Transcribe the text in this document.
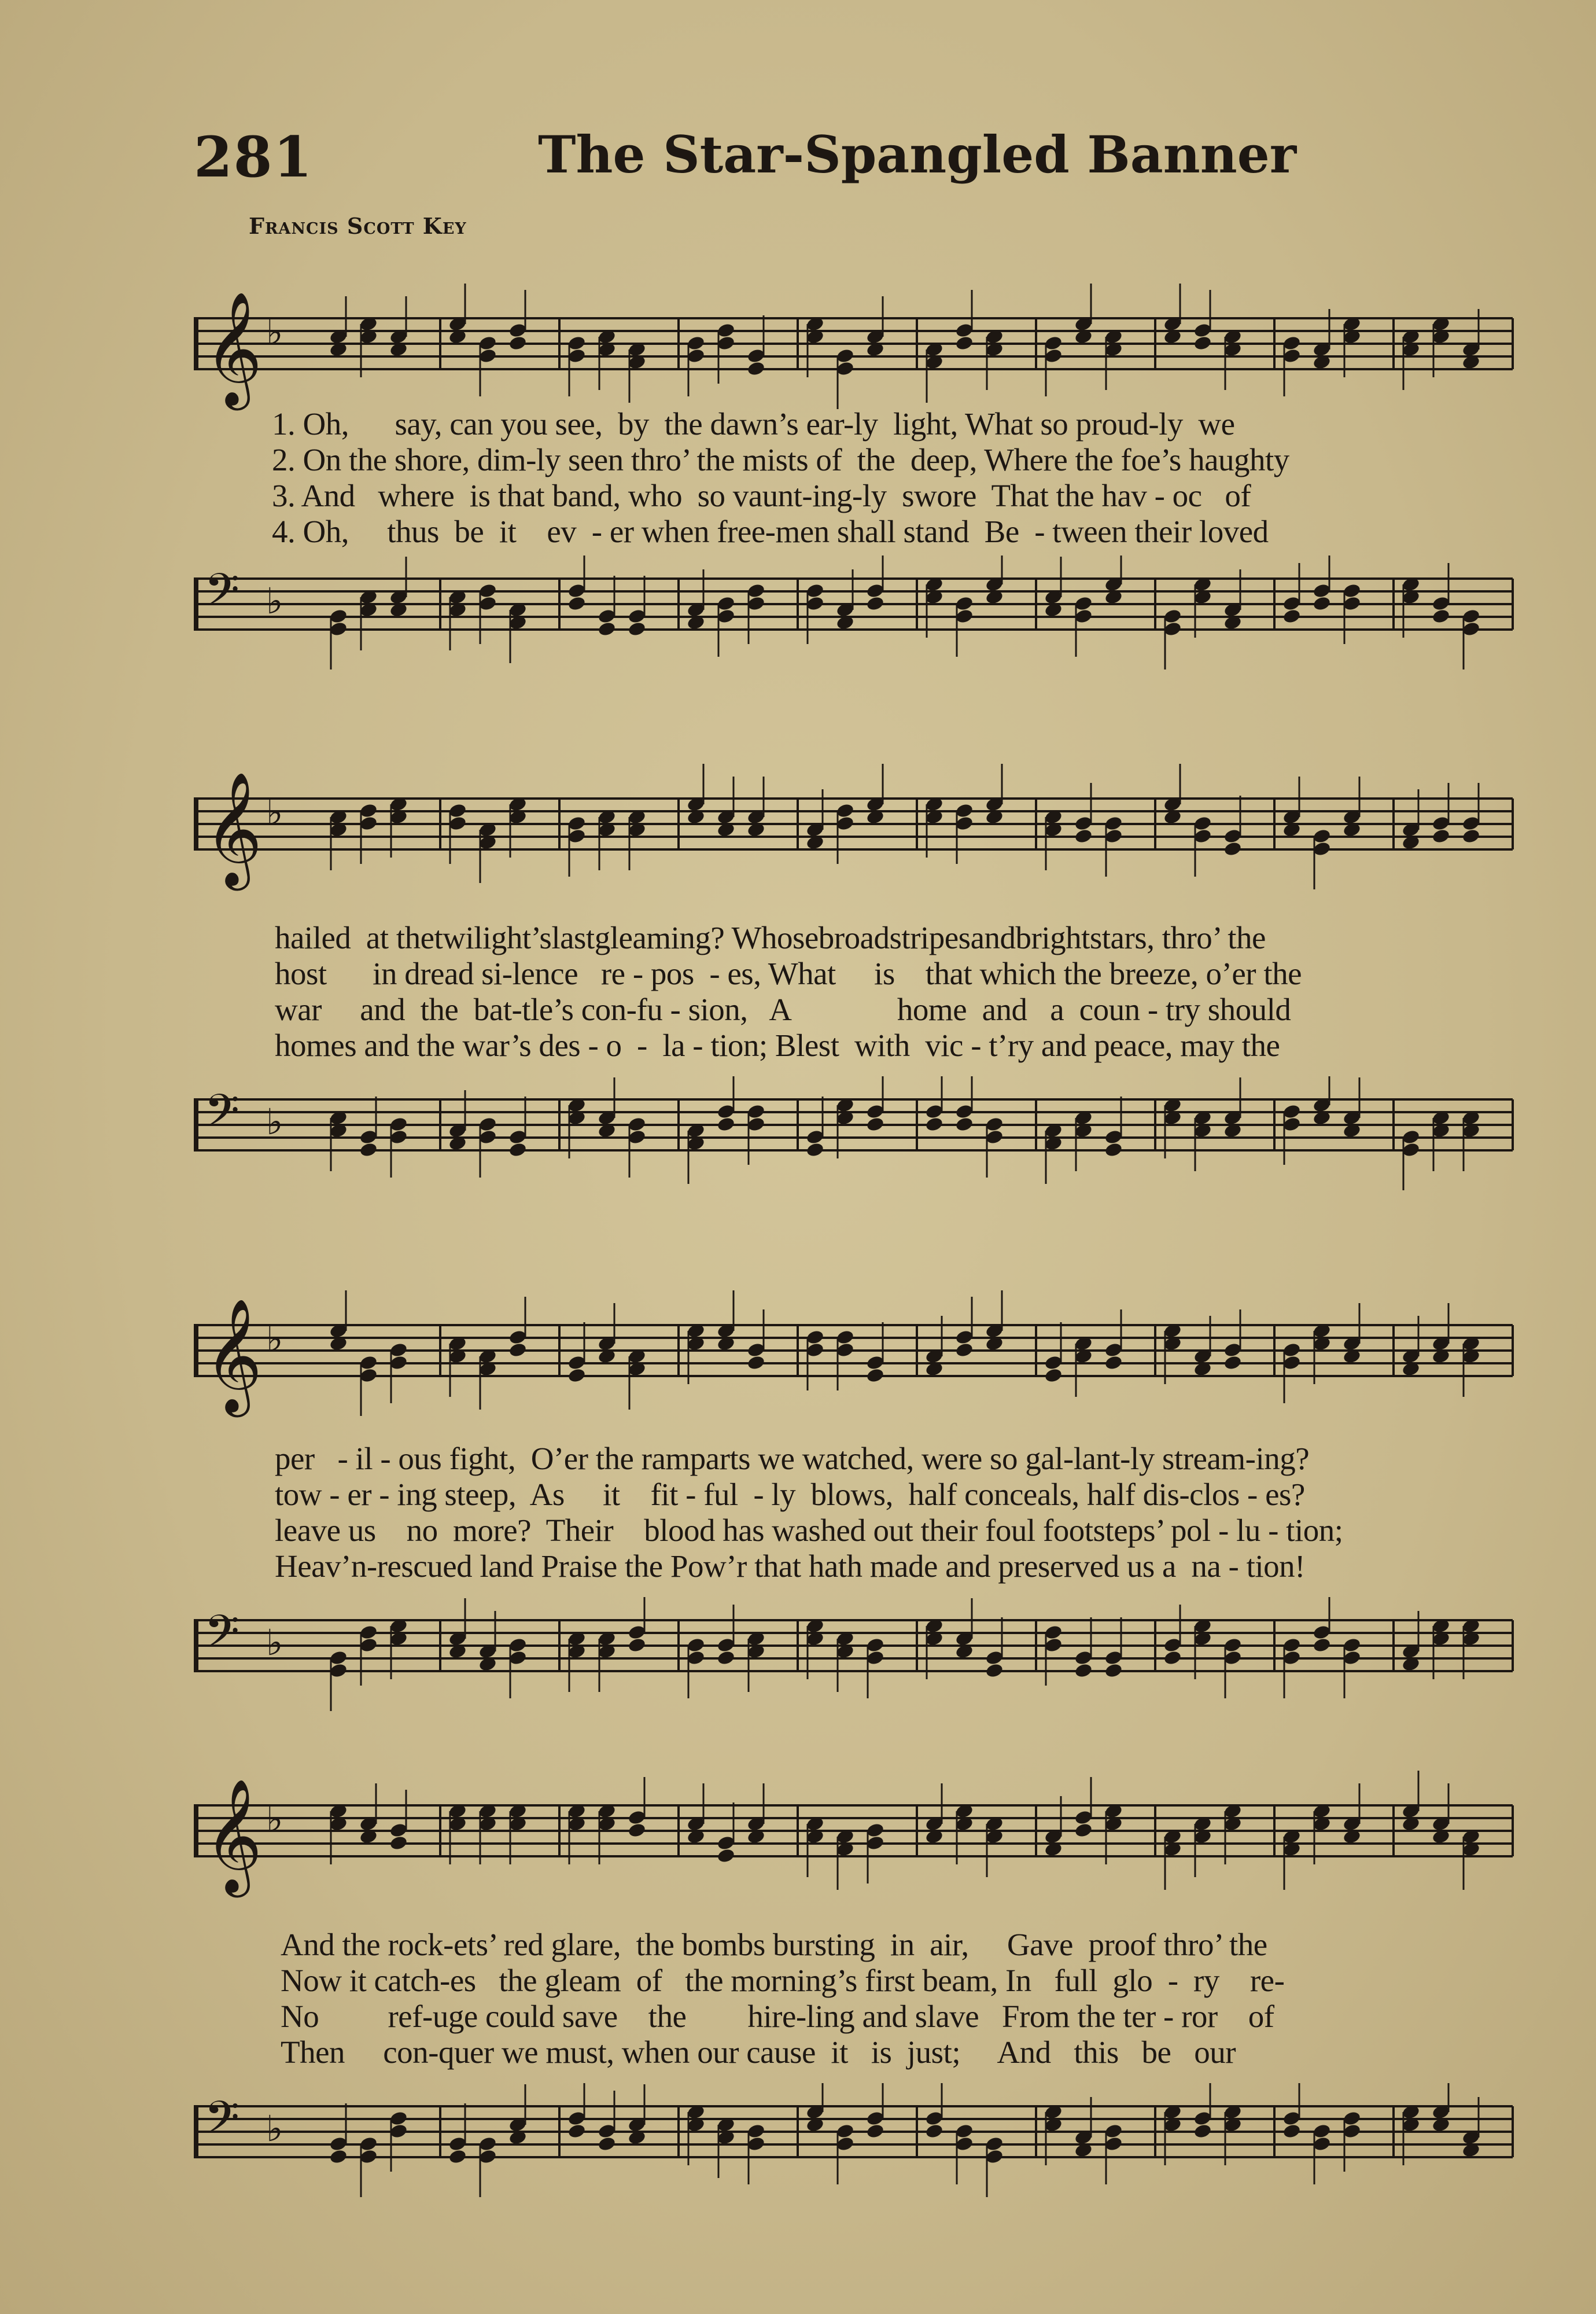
281	The Star-Spangled Banner
Francis Scott Key
𝄞 ♭
1. Oh,      say, can you see,  by  the dawn’s ear-ly  light, What so proud-ly  we
2. On the shore, dim-ly seen thro’ the mists of  the  deep, Where the foe’s haughty
3. And   where  is that band, who  so vaunt-ing-ly  swore  That the hav - oc   of
4. Oh,     thus  be  it    ev  - er when free-men shall stand  Be  - tween their loved
𝄢 ♭
𝄞 ♭
hailed  at thetwilight’slastgleaming? Whosebroadstripesandbrightstars, thro’ the
host      in dread si-lence   re - pos  - es, What     is    that which the breeze, o’er the
war     and  the  bat-tle’s con-fu - sion,   A              home  and   a  coun - try should
homes and the war’s des - o  -  la - tion; Blest  with  vic - t’ry and peace, may the
𝄢 ♭
𝄞 ♭
per   - il - ous fight,  O’er the ramparts we watched, were so gal-lant-ly stream-ing?
tow - er - ing steep,  As     it    fit - ful  - ly  blows,  half conceals, half dis-clos - es?
leave us    no  more?  Their    blood has washed out their foul footsteps’ pol - lu - tion;
Heav’n-rescued land Praise the Pow’r that hath made and preserved us a  na - tion!
𝄢 ♭
𝄞 ♭
And the rock-ets’ red glare,  the bombs bursting  in  air,     Gave  proof thro’ the
Now it catch-es   the gleam  of   the morning’s first beam, In   full  glo  -  ry    re-
No         ref-uge could save    the        hire-ling and slave   From the ter - ror    of
Then     con-quer we must, when our cause  it   is  just;     And   this   be   our
𝄢 ♭
